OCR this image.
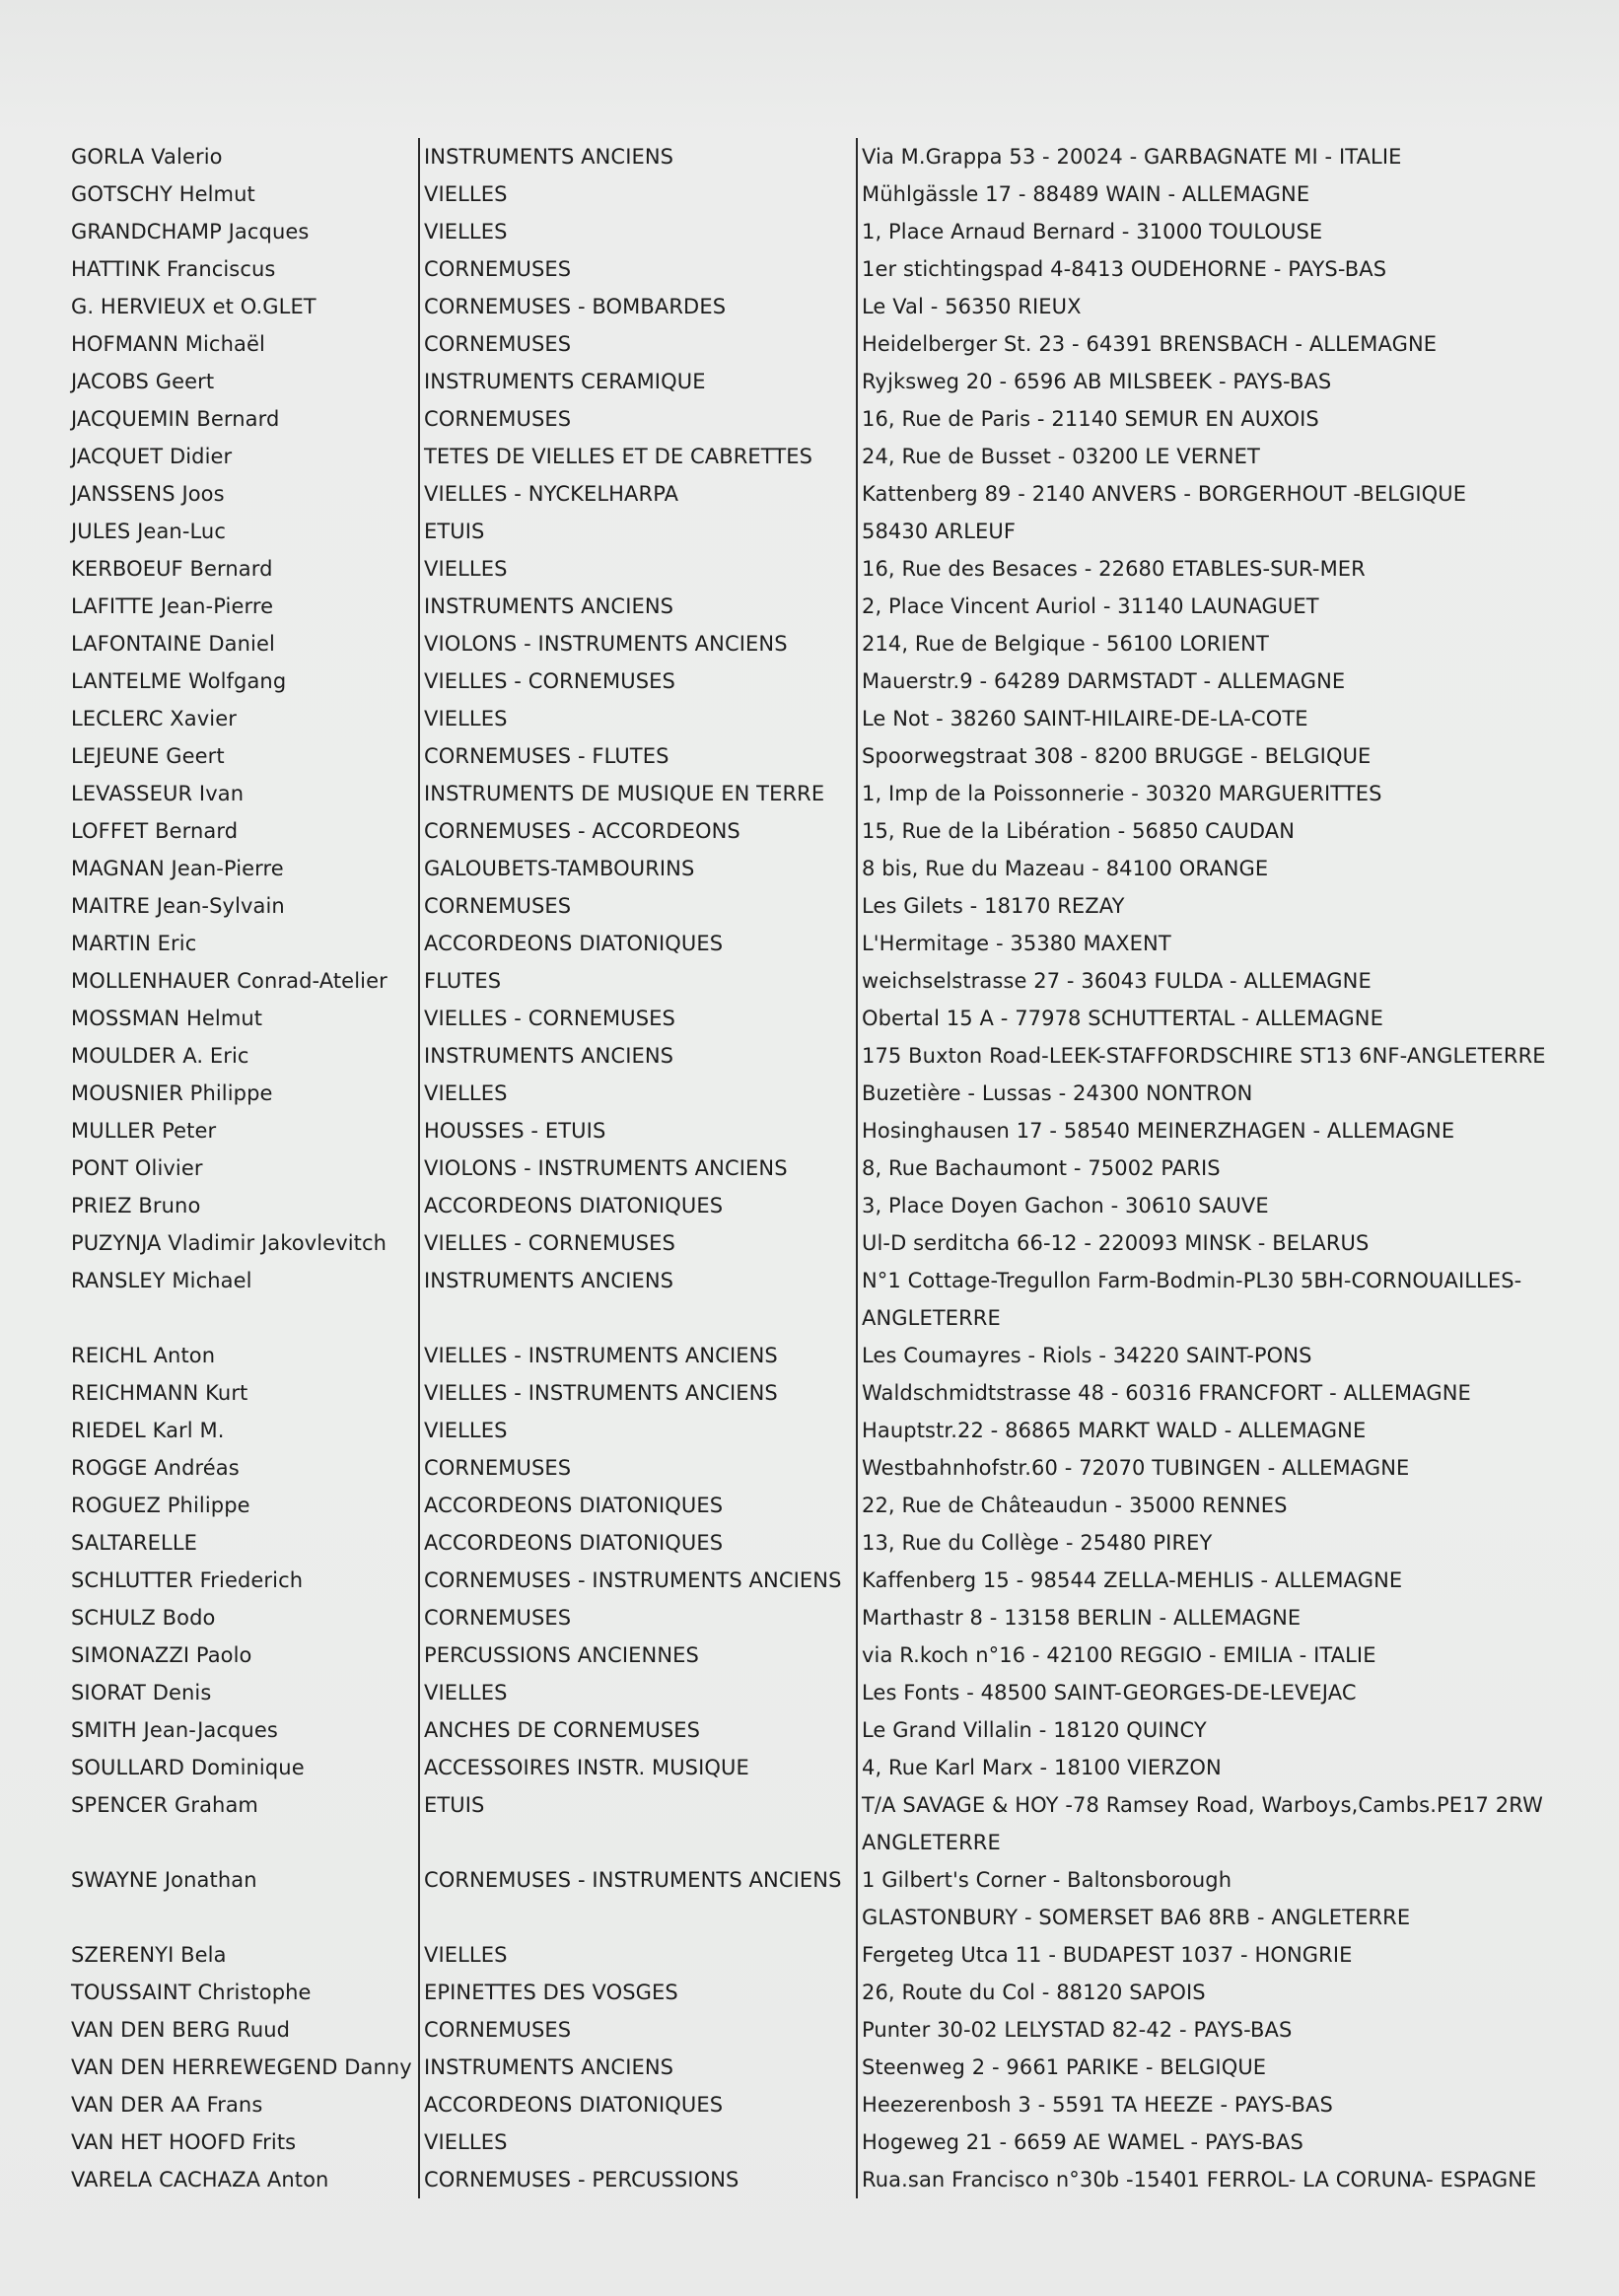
GORLA Valerio	INSTRUMENTS ANCIENS	Via M.Grappa 53 - 20024 - GARBAGNATE MI - ITALIE
GOTSCHY Helmut	VIELLES	Mühlgässle 17 - 88489 WAIN - ALLEMAGNE
GRANDCHAMP Jacques	VIELLES	1, Place Arnaud Bernard - 31000 TOULOUSE
HATTINK Franciscus	CORNEMUSES	1er stichtingspad 4-8413 OUDEHORNE - PAYS-BAS
G. HERVIEUX et O.GLET	CORNEMUSES - BOMBARDES	Le Val - 56350 RIEUX
HOFMANN Michaël	CORNEMUSES	Heidelberger St. 23 - 64391 BRENSBACH - ALLEMAGNE
JACOBS Geert	INSTRUMENTS CERAMIQUE	Ryjksweg 20 - 6596 AB MILSBEEK - PAYS-BAS
JACQUEMIN Bernard	CORNEMUSES	16, Rue de Paris - 21140 SEMUR EN AUXOIS
JACQUET Didier	TETES DE VIELLES ET DE CABRETTES	24, Rue de Busset - 03200 LE VERNET
JANSSENS Joos	VIELLES - NYCKELHARPA	Kattenberg 89 - 2140 ANVERS - BORGERHOUT -BELGIQUE
JULES Jean-Luc	ETUIS	58430 ARLEUF
KERBOEUF Bernard	VIELLES	16, Rue des Besaces - 22680 ETABLES-SUR-MER
LAFITTE Jean-Pierre	INSTRUMENTS ANCIENS	2, Place Vincent Auriol - 31140 LAUNAGUET
LAFONTAINE Daniel	VIOLONS - INSTRUMENTS ANCIENS	214, Rue de Belgique - 56100 LORIENT
LANTELME Wolfgang	VIELLES - CORNEMUSES	Mauerstr.9 - 64289 DARMSTADT - ALLEMAGNE
LECLERC Xavier	VIELLES	Le Not - 38260 SAINT-HILAIRE-DE-LA-COTE
LEJEUNE Geert	CORNEMUSES - FLUTES	Spoorwegstraat 308 - 8200 BRUGGE - BELGIQUE
LEVASSEUR Ivan	INSTRUMENTS DE MUSIQUE EN TERRE	1, Imp de la Poissonnerie - 30320 MARGUERITTES
LOFFET Bernard	CORNEMUSES - ACCORDEONS	15, Rue de la Libération - 56850 CAUDAN
MAGNAN Jean-Pierre	GALOUBETS-TAMBOURINS	8 bis, Rue du Mazeau - 84100 ORANGE
MAITRE Jean-Sylvain	CORNEMUSES	Les Gilets - 18170 REZAY
MARTIN Eric	ACCORDEONS DIATONIQUES	L'Hermitage - 35380 MAXENT
MOLLENHAUER Conrad-Atelier	FLUTES	weichselstrasse 27 - 36043 FULDA - ALLEMAGNE
MOSSMAN Helmut	VIELLES - CORNEMUSES	Obertal 15 A - 77978 SCHUTTERTAL - ALLEMAGNE
MOULDER A. Eric	INSTRUMENTS ANCIENS	175 Buxton Road-LEEK-STAFFORDSCHIRE ST13 6NF-ANGLETERRE
MOUSNIER Philippe	VIELLES	Buzetière - Lussas - 24300 NONTRON
MULLER Peter	HOUSSES - ETUIS	Hosinghausen 17 - 58540 MEINERZHAGEN - ALLEMAGNE
PONT Olivier	VIOLONS - INSTRUMENTS ANCIENS	8, Rue Bachaumont - 75002 PARIS
PRIEZ Bruno	ACCORDEONS DIATONIQUES	3, Place Doyen Gachon - 30610 SAUVE
PUZYNJA Vladimir Jakovlevitch	VIELLES - CORNEMUSES	Ul-D serditcha 66-12 - 220093 MINSK - BELARUS
RANSLEY Michael	INSTRUMENTS ANCIENS	N°1 Cottage-Tregullon Farm-Bodmin-PL30 5BH-CORNOUAILLES-
		ANGLETERRE
REICHL Anton	VIELLES - INSTRUMENTS ANCIENS	Les Coumayres - Riols - 34220 SAINT-PONS
REICHMANN Kurt	VIELLES - INSTRUMENTS ANCIENS	Waldschmidtstrasse 48 - 60316 FRANCFORT - ALLEMAGNE
RIEDEL Karl M.	VIELLES	Hauptstr.22 - 86865 MARKT WALD - ALLEMAGNE
ROGGE Andréas	CORNEMUSES	Westbahnhofstr.60 - 72070 TUBINGEN - ALLEMAGNE
ROGUEZ Philippe	ACCORDEONS DIATONIQUES	22, Rue de Châteaudun - 35000 RENNES
SALTARELLE	ACCORDEONS DIATONIQUES	13, Rue du Collège - 25480 PIREY
SCHLUTTER Friederich	CORNEMUSES - INSTRUMENTS ANCIENS	Kaffenberg 15 - 98544 ZELLA-MEHLIS - ALLEMAGNE
SCHULZ Bodo	CORNEMUSES	Marthastr 8 - 13158 BERLIN - ALLEMAGNE
SIMONAZZI Paolo	PERCUSSIONS ANCIENNES	via R.koch n°16 - 42100 REGGIO - EMILIA - ITALIE
SIORAT Denis	VIELLES	Les Fonts - 48500 SAINT-GEORGES-DE-LEVEJAC
SMITH Jean-Jacques	ANCHES DE CORNEMUSES	Le Grand Villalin - 18120 QUINCY
SOULLARD Dominique	ACCESSOIRES INSTR. MUSIQUE	4, Rue Karl Marx - 18100 VIERZON
SPENCER Graham	ETUIS	T/A SAVAGE & HOY -78 Ramsey Road, Warboys,Cambs.PE17 2RW
		ANGLETERRE
SWAYNE Jonathan	CORNEMUSES - INSTRUMENTS ANCIENS	1 Gilbert's Corner - Baltonsborough
		GLASTONBURY - SOMERSET BA6 8RB - ANGLETERRE
SZERENYI Bela	VIELLES	Fergeteg Utca 11 - BUDAPEST 1037 - HONGRIE
TOUSSAINT Christophe	EPINETTES DES VOSGES	26, Route du Col - 88120 SAPOIS
VAN DEN BERG Ruud	CORNEMUSES	Punter 30-02 LELYSTAD 82-42 - PAYS-BAS
VAN DEN HERREWEGEND Danny	INSTRUMENTS ANCIENS	Steenweg 2 - 9661 PARIKE - BELGIQUE
VAN DER AA Frans	ACCORDEONS DIATONIQUES	Heezerenbosh 3 - 5591 TA HEEZE - PAYS-BAS
VAN HET HOOFD Frits	VIELLES	Hogeweg 21 - 6659 AE WAMEL - PAYS-BAS
VARELA CACHAZA Anton	CORNEMUSES - PERCUSSIONS	Rua.san Francisco n°30b -15401 FERROL- LA CORUNA- ESPAGNE
